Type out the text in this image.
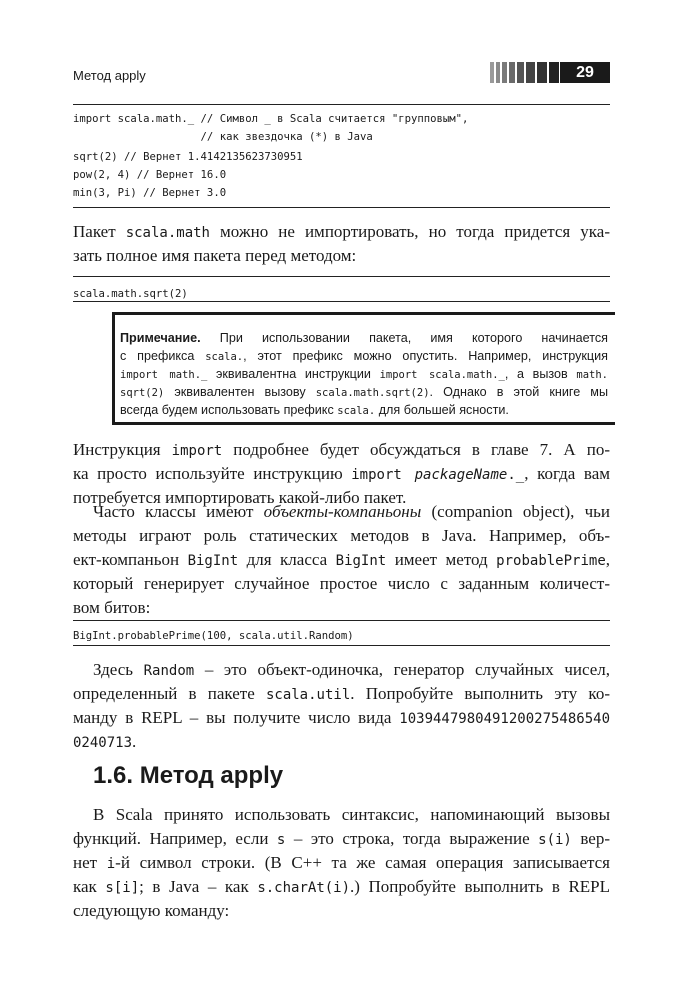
Метод apply	29
import scala.math._ // Символ _ в Scala считается "групповым",
// как звездочка (*) в Java
sqrt(2) // Вернет 1.4142135623730951
pow(2, 4) // Вернет 16.0
min(3, Pi) // Вернет 3.0
Пакет scala.math можно не импортировать, но тогда придется ука-
зать полное имя пакета перед методом:
scala.math.sqrt(2)
Примечание. При использовании пакета, имя которого начинается
с префикса scala., этот префикс можно опустить. Например, инструкция
import math._ эквивалентна инструкции import scala.math._, а вызов math.
sqrt(2) эквивалентен вызову scala.math.sqrt(2). Однако в этой книге мы
всегда будем использовать префикс scala. для большей ясности.
Инструкция import подробнее будет обсуждаться в главе 7. А по-
ка просто используйте инструкцию import packageName._, когда вам
потребуется импортировать какой-либо пакет.
Часто классы имеют объекты-компаньоны (companion object), чьи
методы играют роль статических методов в Java. Например, объ-
ект-компаньон BigInt для класса BigInt имеет метод probablePrime,
который генерирует случайное простое число с заданным количест-
вом битов:
BigInt.probablePrime(100, scala.util.Random)
Здесь Random – это объект-одиночка, генератор случайных чисел,
определенный в пакете scala.util. Попробуйте выполнить эту ко-
манду в REPL – вы получите число вида 1039447980491200275486540
0240713.
1.6. Метод apply
В Scala принято использовать синтаксис, напоминающий вызовы
функций. Например, если s – это строка, тогда выражение s(i) вер-
нет i-й символ строки. (В C++ та же самая операция записывается
как s[i]; в Java – как s.charAt(i).) Попробуйте выполнить в REPL
следующую команду:
